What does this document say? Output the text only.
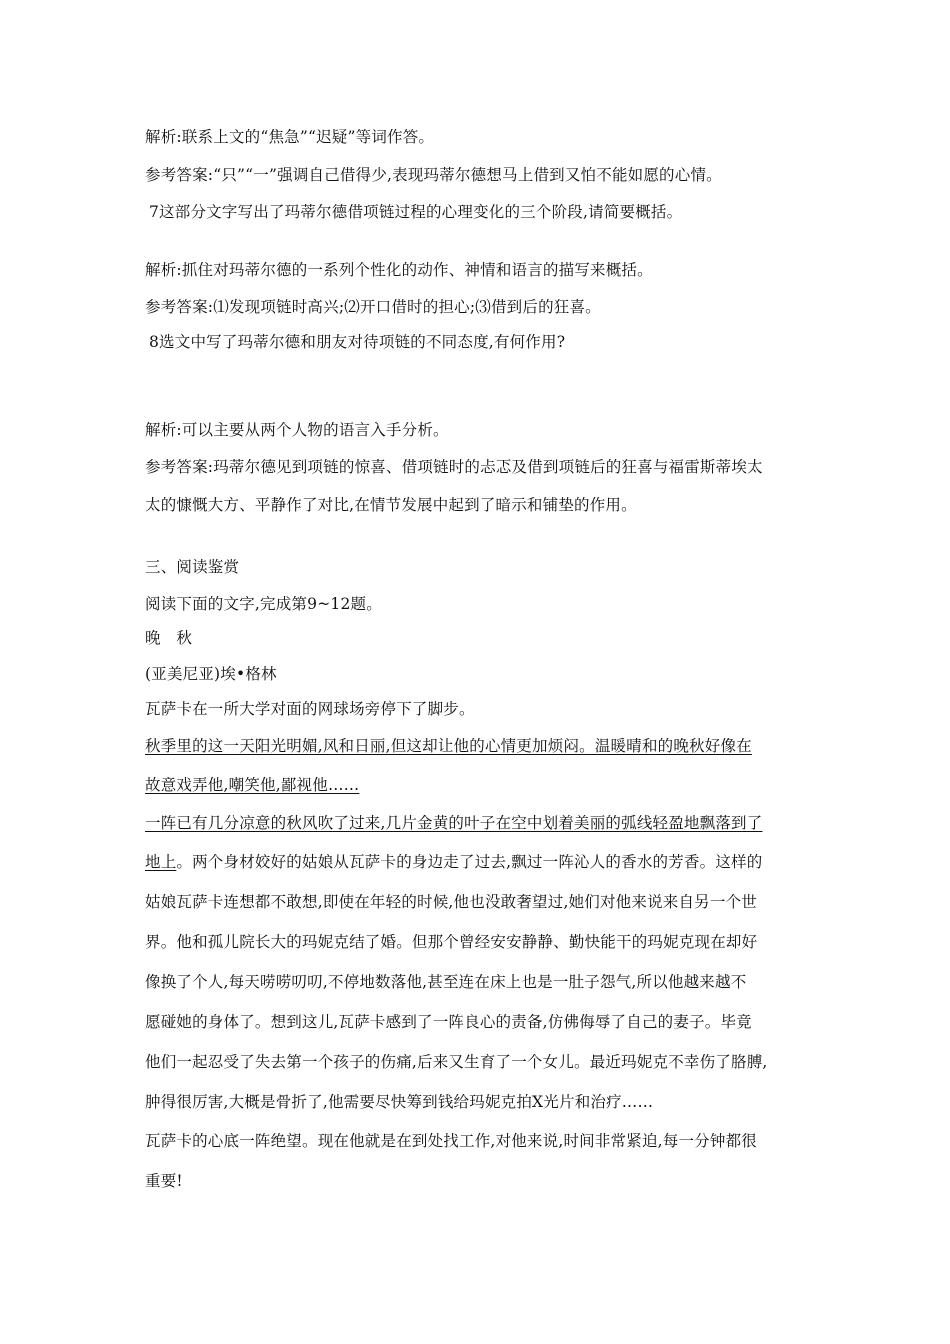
解析:联系上文的“焦急”“迟疑”等词作答。
参考答案:“只”“一”强调自己借得少,表现玛蒂尔德想马上借到又怕不能如愿的心情。
7这部分文字写出了玛蒂尔德借项链过程的心理变化的三个阶段,请简要概括。
解析:抓住对玛蒂尔德的一系列个性化的动作、神情和语言的描写来概括。
参考答案:⑴发现项链时高兴;⑵开口借时的担心;⑶借到后的狂喜。
8选文中写了玛蒂尔德和朋友对待项链的不同态度,有何作用?
解析:可以主要从两个人物的语言入手分析。
参考答案:玛蒂尔德见到项链的惊喜、借项链时的忐忑及借到项链后的狂喜与福雷斯蒂埃太
太的慷慨大方、平静作了对比,在情节发展中起到了暗示和铺垫的作用。
三、阅读鉴赏
阅读下面的文字,完成第9~12题。
晚　秋
(亚美尼亚)埃•格林
瓦萨卡在一所大学对面的网球场旁停下了脚步。
秋季里的这一天阳光明媚,风和日丽,但这却让他的心情更加烦闷。温暖晴和的晚秋好像在
故意戏弄他,嘲笑他,鄙视他……
一阵已有几分凉意的秋风吹了过来,几片金黄的叶子在空中划着美丽的弧线轻盈地飘落到了
地上。两个身材姣好的姑娘从瓦萨卡的身边走了过去,飘过一阵沁人的香水的芳香。这样的
姑娘瓦萨卡连想都不敢想,即使在年轻的时候,他也没敢奢望过,她们对他来说来自另一个世
界。他和孤儿院长大的玛妮克结了婚。但那个曾经安安静静、勤快能干的玛妮克现在却好
像换了个人,每天唠唠叨叨,不停地数落他,甚至连在床上也是一肚子怨气,所以他越来越不
愿碰她的身体了。想到这儿,瓦萨卡感到了一阵良心的责备,仿佛侮辱了自己的妻子。毕竟
他们一起忍受了失去第一个孩子的伤痛,后来又生育了一个女儿。最近玛妮克不幸伤了胳膊,
肿得很厉害,大概是骨折了,他需要尽快筹到钱给玛妮克拍X光片和治疗……
瓦萨卡的心底一阵绝望。现在他就是在到处找工作,对他来说,时间非常紧迫,每一分钟都很
重要!
